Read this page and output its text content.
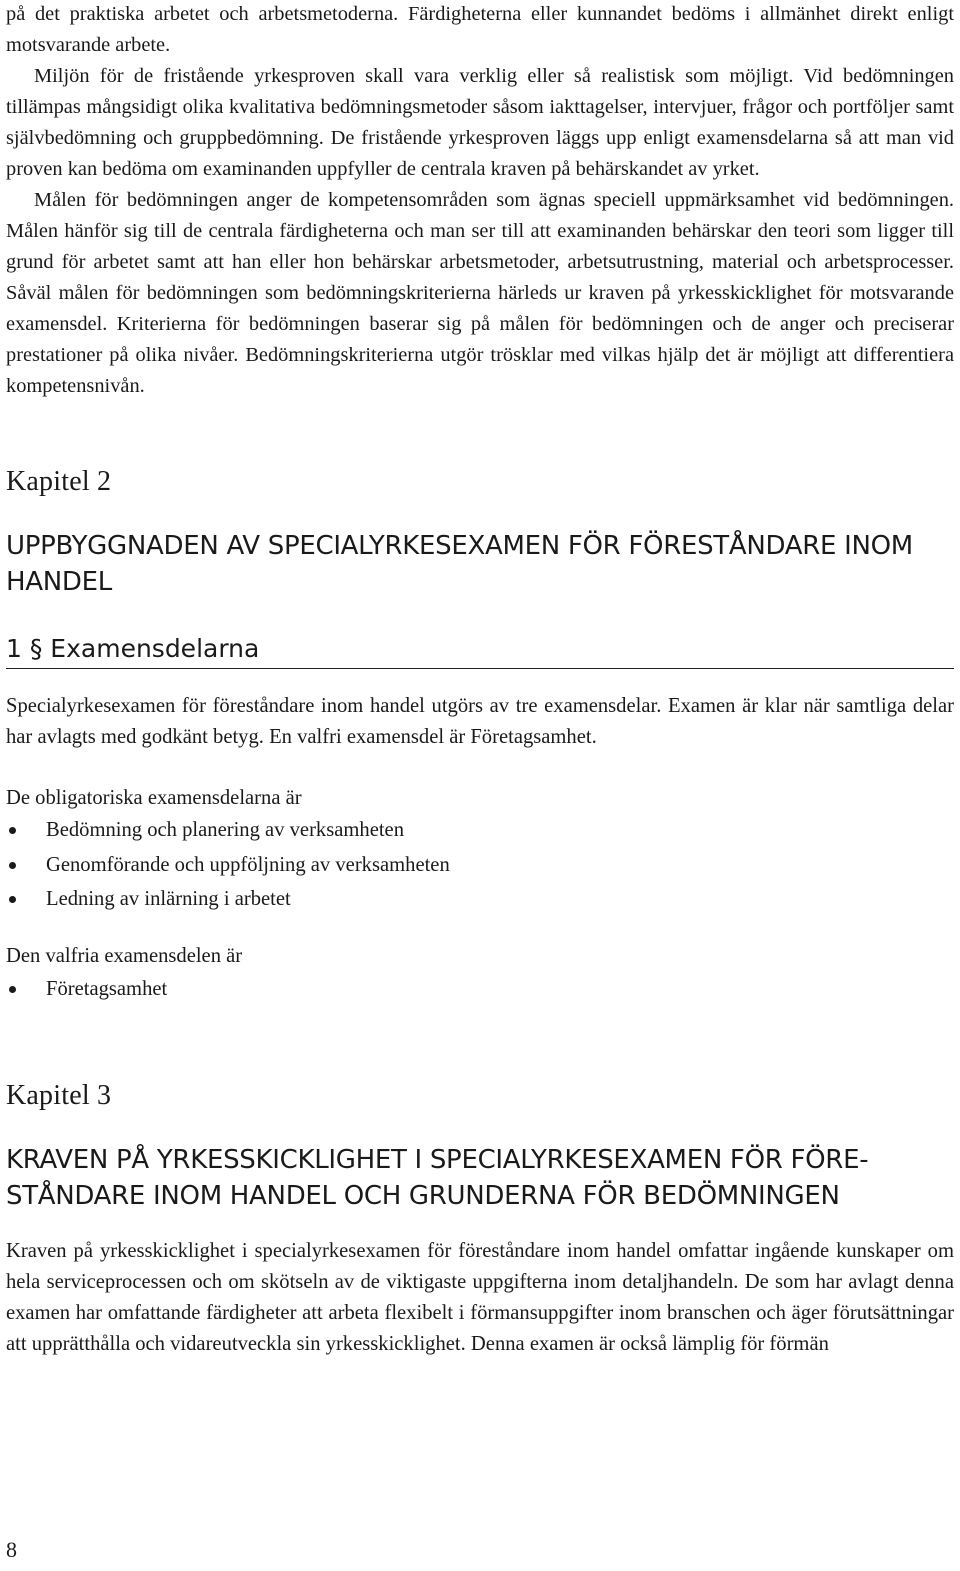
på det praktiska arbetet och arbetsmetoderna. Färdigheterna eller kunnandet bedöms i allmänhet direkt enligt motsvarande arbete.

Miljön för de fristående yrkesproven skall vara verklig eller så realistisk som möjligt. Vid bedömningen tillämpas mångsidigt olika kvalitativa bedömningsmetoder såsom iakttagelser, intervjuer, frågor och portföljer samt självbedömning och gruppbedömning. De fristående yrkesproven läggs upp enligt examensdelarna så att man vid proven kan bedöma om examinanden uppfyller de centrala kraven på behärskandet av yrket.

Målen för bedömningen anger de kompetensområden som ägnas speciell uppmärksamhet vid bedömningen. Målen hänför sig till de centrala färdigheterna och man ser till att examinanden behärskar den teori som ligger till grund för arbetet samt att han eller hon behärskar arbetsmetoder, arbetsutrustning, material och arbetsprocesser. Såväl målen för bedömningen som bedömningskriterierna härleds ur kraven på yrkesskicklighet för motsvarande examensdel. Kriterierna för bedömningen baserar sig på målen för bedömningen och de anger och preciserar prestationer på olika nivåer. Bedömningskriterierna utgör trösklar med vilkas hjälp det är möjligt att differentiera kompetensnivån.

Kapitel 2
UPPBYGGNADEN AV SPECIALYRKESEXAMEN FÖR FÖRESTÅNDARE INOM HANDEL
1 § Examensdelarna

Specialyrkesexamen för föreståndare inom handel utgörs av tre examensdelar. Examen är klar när samtliga delar har avlagts med godkänt betyg. En valfri examensdel är Företagsamhet.

De obligatoriska examensdelarna är

Bedömning och planering av verksamheten
Genomförande och uppföljning av verksamheten
Ledning av inlärning i arbetet

Den valfria examensdelen är

Företagsamhet
Kapitel 3
KRAVEN PÅ YRKESSKICKLIGHET I SPECIALYRKESEXAMEN FÖR FÖRE-
STÅNDARE INOM HANDEL OCH GRUNDERNA FÖR BEDÖMNINGEN

Kraven på yrkesskicklighet i specialyrkesexamen för föreståndare inom handel omfattar ingående kunskaper om hela serviceprocessen och om skötseln av de viktigaste uppgifterna inom detaljhandeln. De som har avlagt denna examen har omfattande färdigheter att arbeta flexibelt i förmansuppgifter inom branschen och äger förutsättningar att upprätthålla och vidareutveckla sin yrkesskicklighet. Denna examen är också lämplig för förmän

8
